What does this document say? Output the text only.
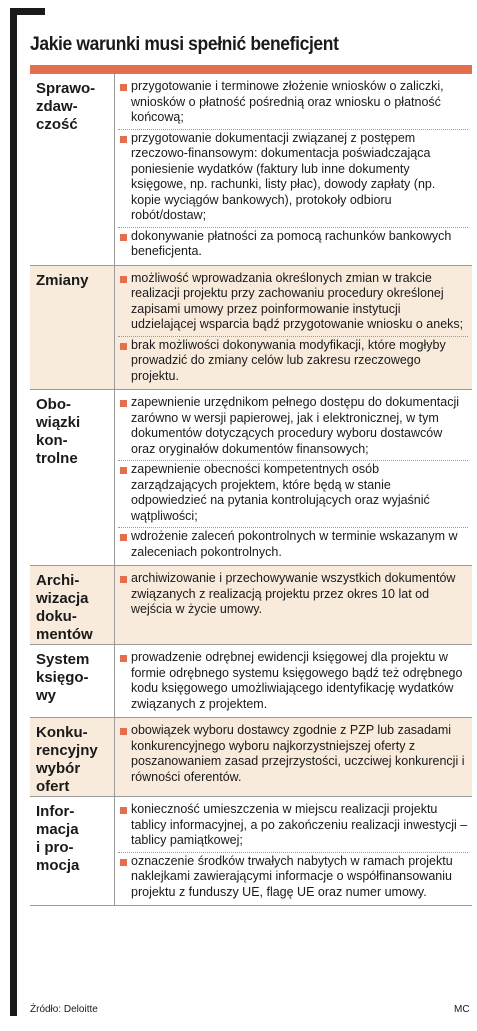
Jakie warunki musi spełnić beneficjent
Sprawo-
zdaw-
czość
przygotowanie i terminowe złożenie wniosków o zaliczki, wniosków o płatność pośrednią oraz wniosku o płatność końcową;
przygotowanie dokumentacji związanej z postępem rzeczowo-finansowym: dokumentacja poświadczająca poniesienie wydatków (faktury lub inne dokumenty księgowe, np. rachunki, listy płac), dowody zapłaty (np. kopie wyciągów bankowych), protokoły odbioru robót/dostaw;
dokonywanie płatności za pomocą rachunków bankowych beneficjenta.
Zmiany	możliwość wprowadzania określonych zmian w trakcie realizacji projektu przy zachowaniu procedury określonej zapisami umowy przez poinformowanie instytucji udzielającej wsparcia bądź przygotowanie wniosku o aneks;
brak możliwości dokonywania modyfikacji, które mogłyby prowadzić do zmiany celów lub zakresu rzeczowego projektu.
Obo-
wiązki
kon-
trolne
zapewnienie urzędnikom pełnego dostępu do dokumentacji zarówno w wersji papierowej, jak i elektronicznej, w tym dokumentów dotyczących procedury wyboru dostawców oraz oryginałów dokumentów finansowych;
zapewnienie obecności kompetentnych osób zarządzających projektem, które będą w stanie odpowiedzieć na pytania kontrolujących oraz wyjaśnić wątpliwości;
wdrożenie zaleceń pokontrolnych w terminie wskazanym w zaleceniach pokontrolnych.
Archi-
wizacja
doku-
mentów
archiwizowanie i przechowywanie wszystkich dokumentów związanych z realizacją projektu przez okres 10 lat od wejścia w życie umowy.
System
księgo-
wy
prowadzenie odrębnej ewidencji księgowej dla projektu w formie odrębnego systemu księgowego bądź też odrębnego kodu księgowego umożliwiającego identyfikację wydatków związanych z projektem.
Konku-
rencyjny
wybór
ofert
obowiązek wyboru dostawcy zgodnie z PZP lub zasadami konkurencyjnego wyboru najkorzystniejszej oferty z poszanowaniem zasad przejrzystości, uczciwej konkurencji i równości oferentów.
Infor-
macja
i pro-
mocja
konieczność umieszczenia w miejscu realizacji projektu tablicy informacyjnej, a po zakończeniu realizacji inwestycji – tablicy pamiątkowej;
oznaczenie środków trwałych nabytych w ramach projektu naklejkami zawierającymi informacje o współfinansowaniu projektu z funduszy UE, flagę UE oraz numer umowy.
Źródło: Deloitte	MC
